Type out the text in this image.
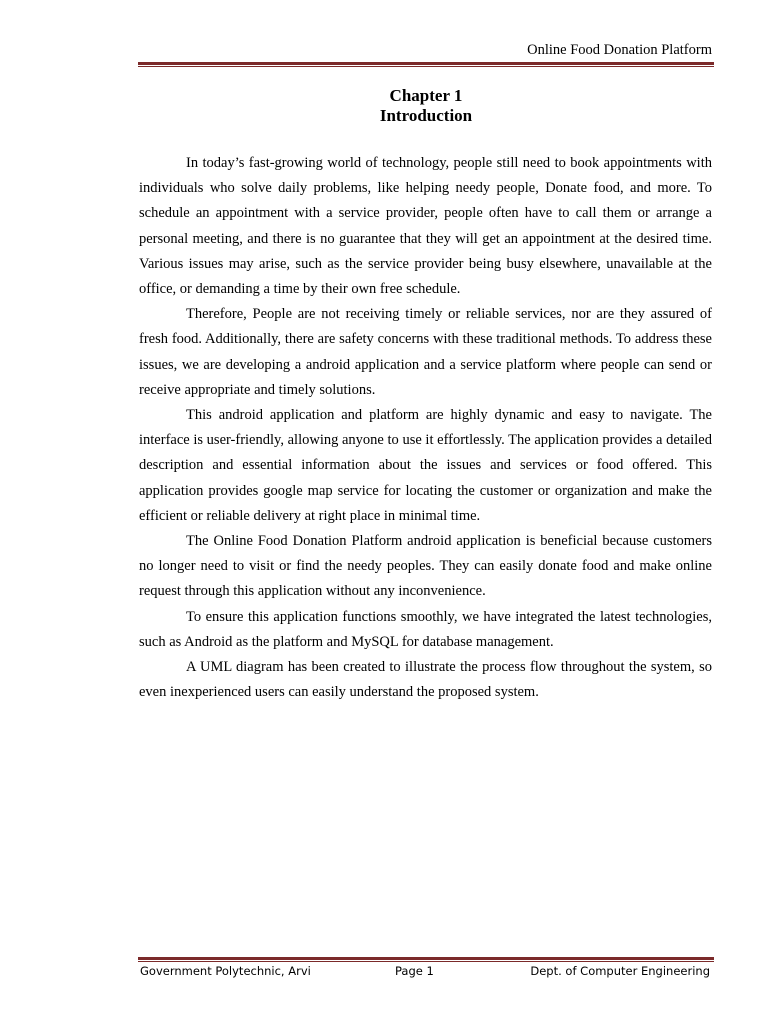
Online Food Donation Platform
Chapter 1
Introduction

In today’s fast-growing world of technology, people still need to book appointments with individuals who solve daily problems, like helping needy people, Donate food, and more. To schedule an appointment with a service provider, people often have to call them or arrange a personal meeting, and there is no guarantee that they will get an appointment at the desired time. Various issues may arise, such as the service provider being busy elsewhere, unavailable at the office, or demanding a time by their own free schedule.

Therefore, People are not receiving timely or reliable services, nor are they assured of fresh food. Additionally, there are safety concerns with these traditional methods. To address these issues, we are developing a android application and a service platform where people can send or receive appropriate and timely solutions.

This android application and platform are highly dynamic and easy to navigate. The interface is user-friendly, allowing anyone to use it effortlessly. The application provides a detailed description and essential information about the issues and services or food offered. This application provides google map service for locating the customer or organization and make the efficient or reliable delivery at right place in minimal time.

The Online Food Donation Platform android application is beneficial because customers no longer need to visit or find the needy peoples. They can easily donate food and make online request through this application without any inconvenience.

To ensure this application functions smoothly, we have integrated the latest technologies, such as Android as the platform and MySQL for database management.

A UML diagram has been created to illustrate the process flow throughout the system, so even inexperienced users can easily understand the proposed system.

Government Polytechnic, Arvi	Page 1	Dept. of Computer Engineering
